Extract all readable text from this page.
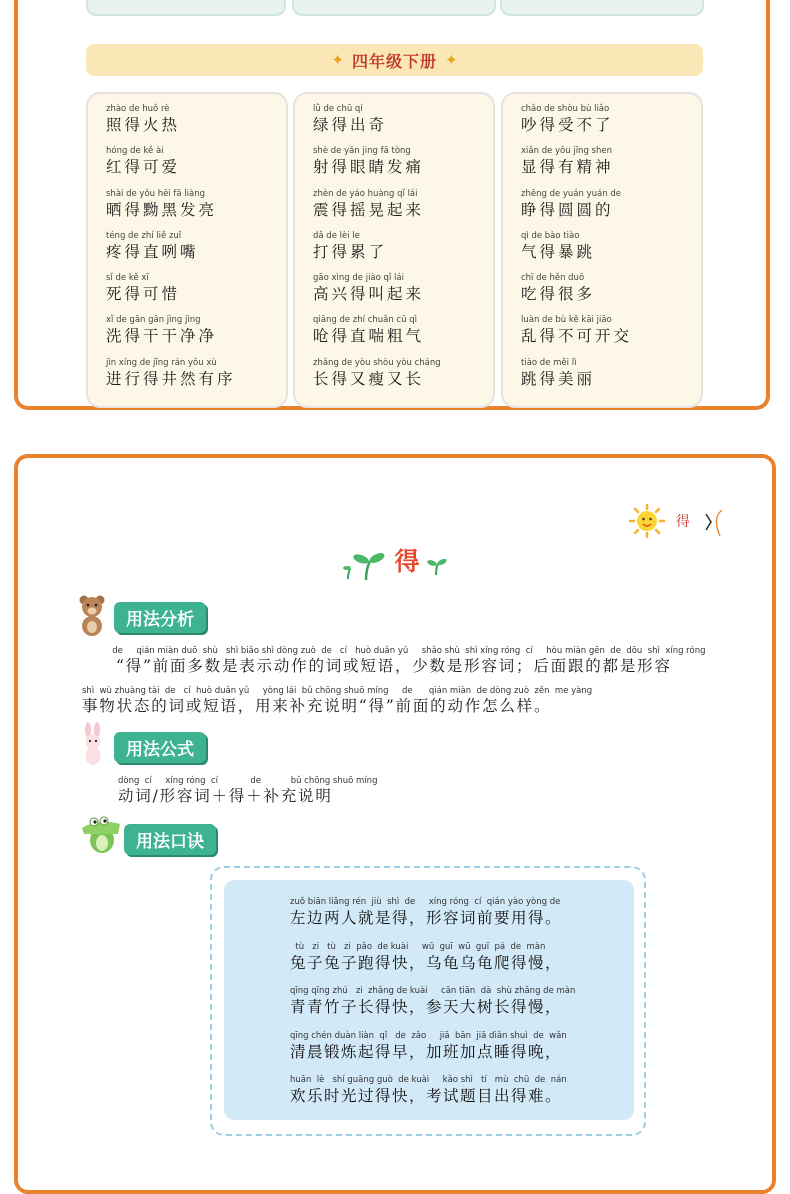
✦ 四年级下册 ✦
zhào de huǒ rè
照得火热
hóng de kě ài
红得可爱
shài de yǒu hēi fā liàng
晒得黝黑发亮
téng de zhí liě zuǐ
疼得直咧嘴
sǐ de kě xī
死得可惜
xǐ de gān gān jìng jìng
洗得干干净净
jìn xíng de jǐng rán yǒu xù
进行得井然有序
lǜ de chū qí
绿得出奇
shè de yǎn jing fā tòng
射得眼睛发痛
zhèn de yáo huàng qǐ lái
震得摇晃起来
dǎ de lèi le
打得累了
gāo xìng de jiào qǐ lái
高兴得叫起来
qiāng de zhí chuǎn cū qì
呛得直喘粗气
zhǎng de yòu shòu yòu cháng
长得又瘦又长
chǎo de shòu bù liǎo
吵得受不了
xiǎn de yǒu jīng shen
显得有精神
zhēng de yuán yuán de
睁得圆圆的
qì de bào tiào
气得暴跳
chī de hěn duō
吃得很多
luàn de bù kě kāi jiāo
乱得不可开交
tiào de měi lì
跳得美丽
得
得
用法分析
de     qián miàn duō  shù   shì biǎo shì dòng zuò  de   cí   huò duǎn yǔ     shǎo shù  shì xíng róng  cí     hòu miàn gēn  de  dōu  shì  xíng róng
“得”前面多数是表示动作的词或短语，少数是形容词；后面跟的都是形容
shì  wù zhuàng tài  de   cí  huò duǎn yǔ     yòng lái  bǔ chōng shuō míng     de      qián miàn  de dòng zuò  zěn  me yàng
事物状态的词或短语，用来补充说明“得”前面的动作怎么样。
用法公式
dòng  cí     xíng róng  cí            de           bǔ chōng shuō míng
动词/形容词＋得＋补充说明
用法口诀
zuǒ biān liǎng rén  jiù  shì  de     xíng róng  cí  qián yào yòng de
左边两人就是得，形容词前要用得。
tù   zi   tù   zi  pǎo  de kuài     wū  guī  wū  guī  pá  de  màn
兔子兔子跑得快，乌龟乌龟爬得慢，
qīng qīng zhú   zi  zhǎng de kuài     cān tiān  dà  shù zhǎng de màn
青青竹子长得快，参天大树长得慢，
qīng chén duàn liàn  qǐ   de  zǎo     jiā  bān  jiā diǎn shuì  de  wǎn
清晨锻炼起得早，加班加点睡得晚，
huān  lè   shí guāng guò  de kuài     kǎo shì   tí   mù  chū  de  nán
欢乐时光过得快，考试题目出得难。
